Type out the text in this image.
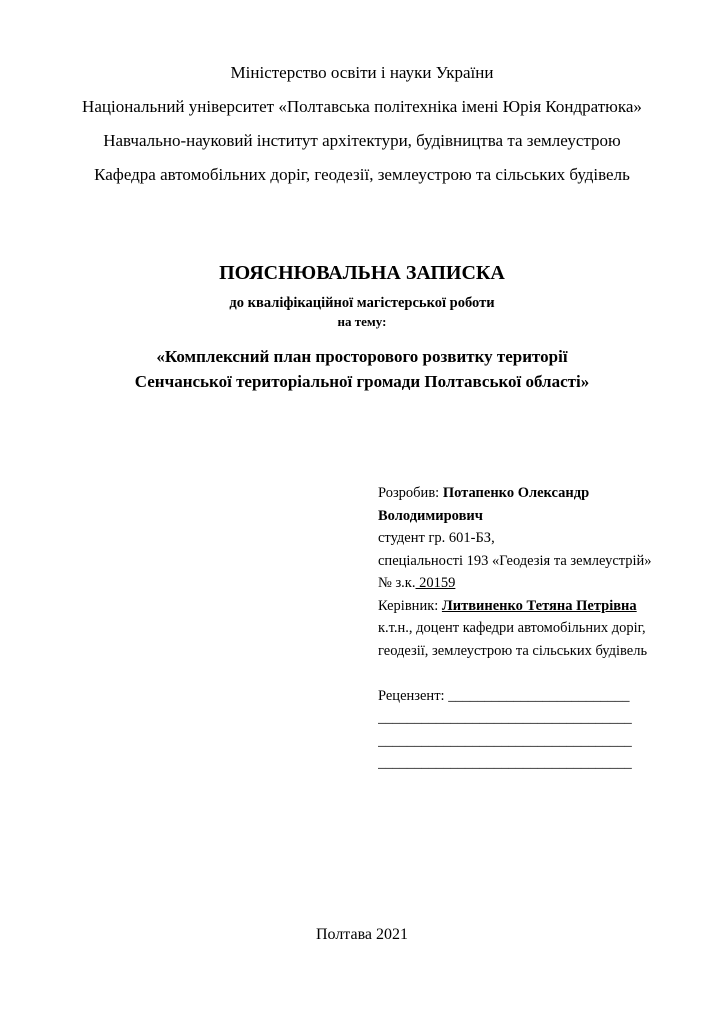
Міністерство освіти і науки України

Національний університет «Полтавська політехніка імені Юрія Кондратюка»

Навчально-науковий інститут архітектури, будівництва та землеустрою

Кафедра автомобільних доріг, геодезії, землеустрою та сільських будівель

ПОЯСНЮВАЛЬНА ЗАПИСКА
до кваліфікаційної магістерської роботи
на тему:
«Комплексний план просторового розвитку території
Сенчанської територіальної громади Полтавської області»

Розробив: Потапенко Олександр Володимирович

студент гр. 601-БЗ,

спеціальності 193 «Геодезія та землеустрій»

№ з.к. 20159

Керівник: Литвиненко Тетяна Петрівна

к.т.н., доцент кафедри автомобільних доріг,

геодезії, землеустрою та сільських будівель

Рецензент: _________________________

___________________________________

___________________________________

___________________________________

Полтава 2021
